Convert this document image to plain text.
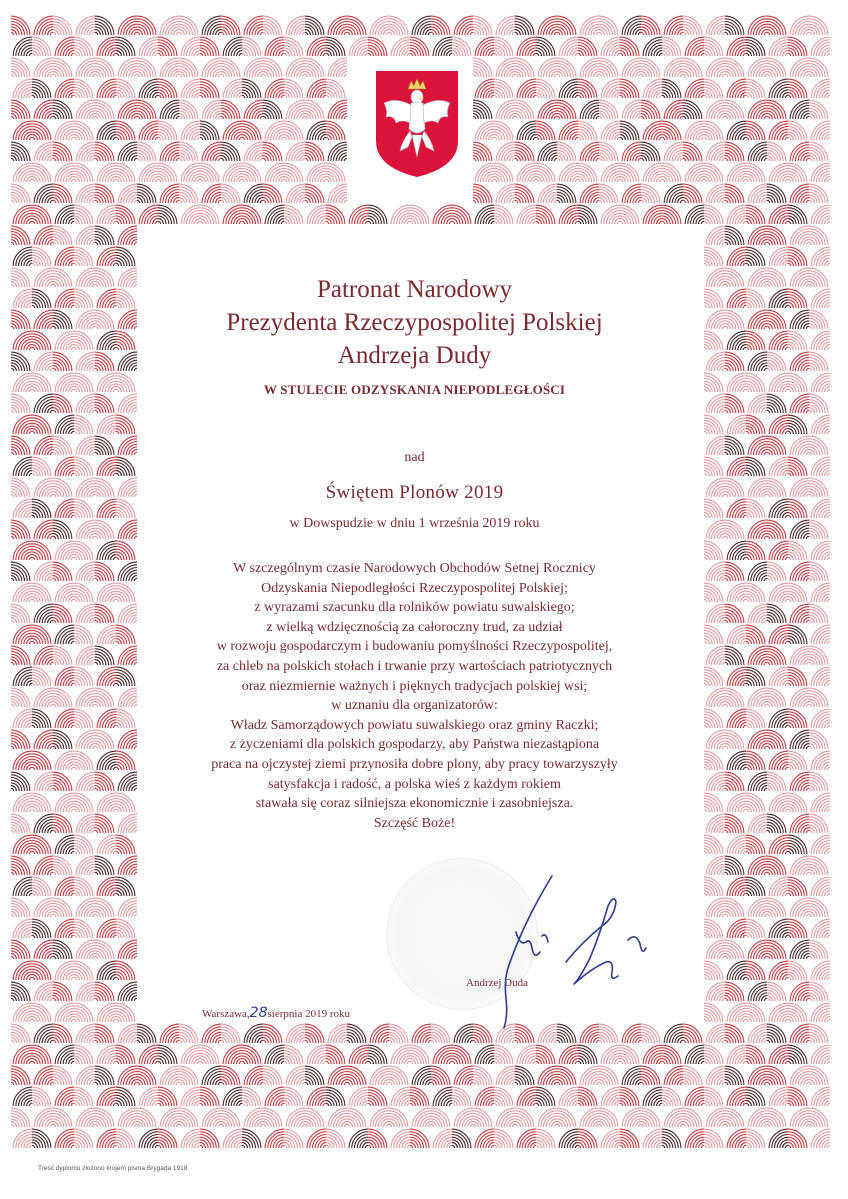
Patronat Narodowy
Prezydenta Rzeczypospolitej Polskiej
Andrzeja Dudy
W STULECIE ODZYSKANIA NIEPODLEGŁOŚCI
nad
Świętem Plonów 2019
w Dowspudzie w dniu 1 września 2019 roku
W szczególnym czasie Narodowych Obchodów Setnej Rocznicy
Odzyskania Niepodległości Rzeczypospolitej Polskiej;
z wyrazami szacunku dla rolników powiatu suwalskiego;
z wielką wdzięcznością za całoroczny trud, za udział
w rozwoju gospodarczym i budowaniu pomyślności Rzeczypospolitej,
za chleb na polskich stołach i trwanie przy wartościach patriotycznych
oraz niezmiernie ważnych i pięknych tradycjach polskiej wsi;
w uznaniu dla organizatorów:
Władz Samorządowych powiatu suwalskiego oraz gminy Raczki;
z życzeniami dla polskich gospodarzy, aby Państwa niezastąpiona
praca na ojczystej ziemi przynosiła dobre plony, aby pracy towarzyszyły
satysfakcja i radość, a polska wieś z każdym rokiem
stawała się coraz silniejsza ekonomicznie i zasobniejsza.
Szczęść Boże!
Andrzej Duda
Warszawa,28sierpnia 2019 roku
Treść dyplomu złożono krojem pisma Brygada 1918
